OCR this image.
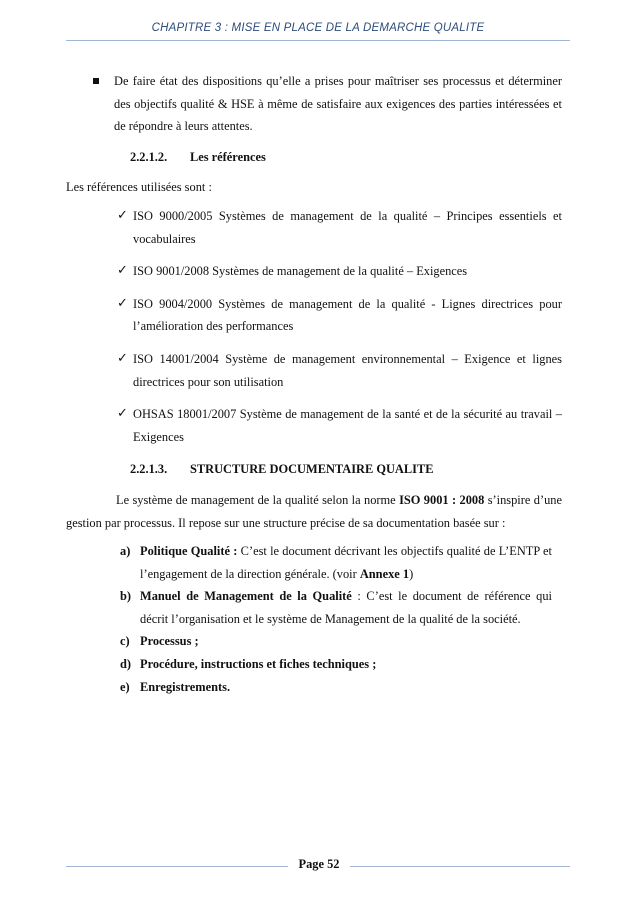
CHAPITRE 3 : MISE EN PLACE DE LA DEMARCHE QUALITE

De faire état des dispositions qu’elle a prises pour maîtriser ses processus et déterminer des objectifs qualité & HSE à même de satisfaire aux exigences des parties intéressées et de répondre à leurs attentes.

2.2.1.2.	Les références

Les références utilisées sont :

✓ ISO 9000/2005 Systèmes de management de la qualité – Principes essentiels et vocabulaires
✓ ISO 9001/2008 Systèmes de management de la qualité – Exigences
✓ ISO 9004/2000 Systèmes de management de la qualité - Lignes directrices pour l’amélioration des performances
✓ ISO 14001/2004 Système de management environnemental – Exigence et lignes directrices pour son utilisation
✓ OHSAS 18001/2007 Système de management de la santé et de la sécurité au travail – Exigences
2.2.1.3.	STRUCTURE DOCUMENTAIRE QUALITE

Le système de management de la qualité selon la norme ISO 9001 : 2008 s’inspire d’une gestion par processus. Il repose sur une structure précise de sa documentation basée sur :

a) Politique Qualité : C’est le document décrivant les objectifs qualité de L’ENTP et l’engagement de la direction générale. (voir Annexe 1)
b) Manuel de Management de la Qualité : C’est le document de référence qui décrit l’organisation et le système de Management de la qualité de la société.
c) Processus ;
d) Procédure, instructions et fiches techniques ;
e) Enregistrements.
Page 52
